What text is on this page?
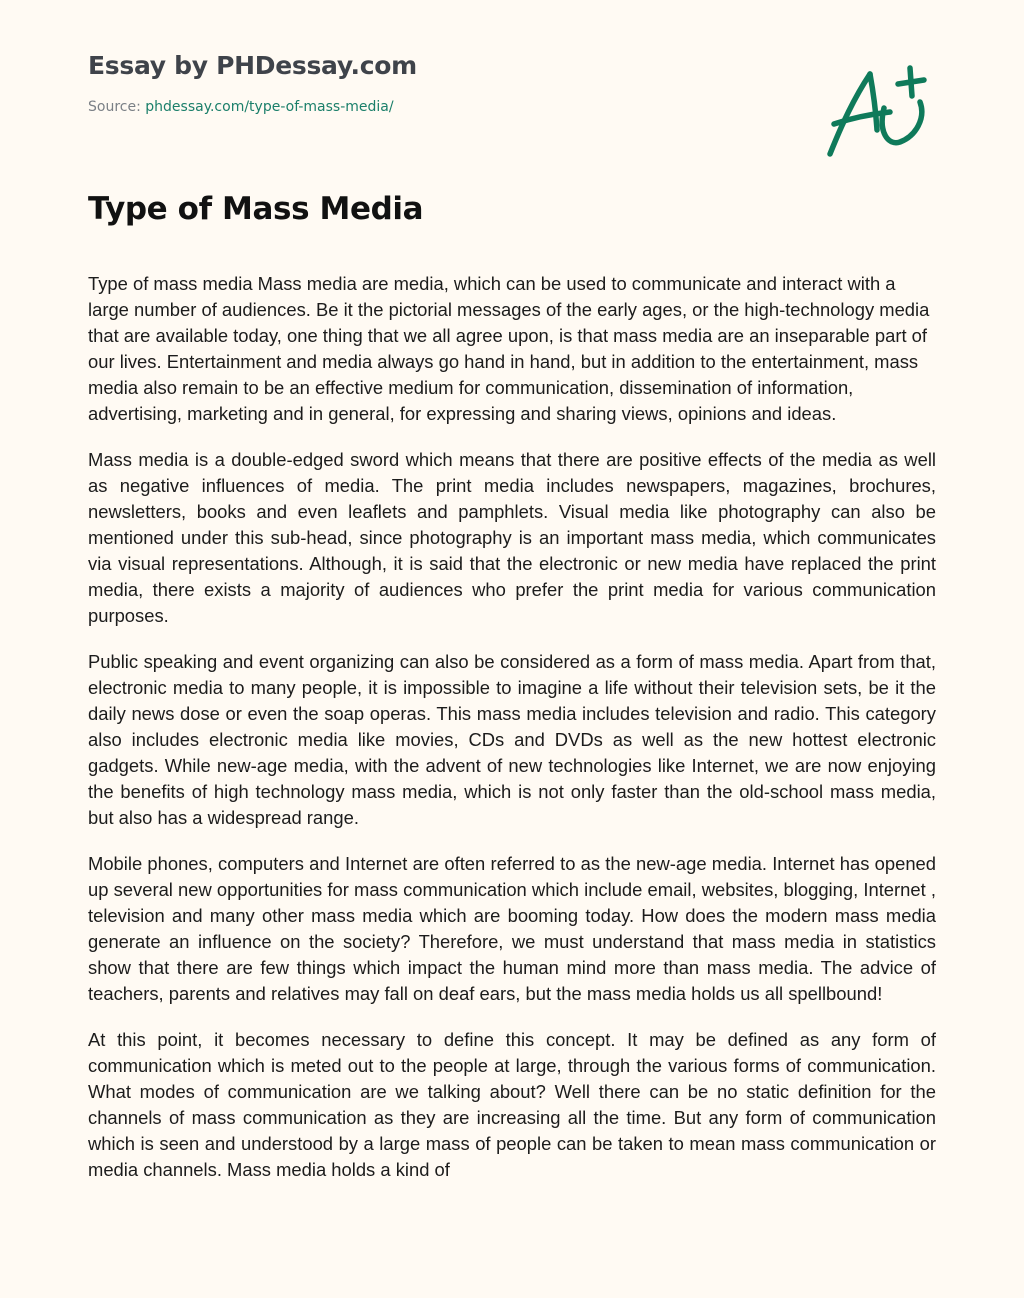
Essay by PHDessay.com
Source: phdessay.com/type-of-mass-media/
Type of Mass Media

Type of mass media Mass media are media, which can be used to communicate and interact with a large number of audiences. Be it the pictorial messages of the early ages, or the high-technology media that are available today, one thing that we all agree upon, is that mass media are an inseparable part of our lives. Entertainment and media always go hand in hand, but in addition to the entertainment, mass media also remain to be an effective medium for communication, dissemination of information, advertising, marketing and in general, for expressing and sharing views, opinions and ideas.

Mass media is a double-edged sword which means that there are positive effects of the media as well as negative influences of media. The print media includes newspapers, magazines, brochures, newsletters, books and even leaflets and pamphlets. Visual media like photography can also be mentioned under this sub-head, since photography is an important mass media, which communicates via visual representations. Although, it is said that the electronic or new media have replaced the print media, there exists a majority of audiences who prefer the print media for various communication purposes.

Public speaking and event organizing can also be considered as a form of mass media. Apart from that, electronic media to many people, it is impossible to imagine a life without their television sets, be it the daily news dose or even the soap operas. This mass media includes television and radio. This category also includes electronic media like movies, CDs and DVDs as well as the new hottest electronic gadgets. While new-age media, with the advent of new technologies like Internet, we are now enjoying the benefits of high technology mass media, which is not only faster than the old-school mass media, but also has a widespread range.

Mobile phones, computers and Internet are often referred to as the new-age media. Internet has opened up several new opportunities for mass communication which include email, websites, blogging, Internet , television and many other mass media which are booming today. How does the modern mass media generate an influence on the society? Therefore, we must understand that mass media in statistics show that there are few things which impact the human mind more than mass media. The advice of teachers, parents and relatives may fall on deaf ears, but the mass media holds us all spellbound!

At this point, it becomes necessary to define this concept. It may be defined as any form of communication which is meted out to the people at large, through the various forms of communication. What modes of communication are we talking about? Well there can be no static definition for the channels of mass communication as they are increasing all the time. But any form of communication which is seen and understood by a large mass of people can be taken to mean mass communication or media channels. Mass media holds a kind of
